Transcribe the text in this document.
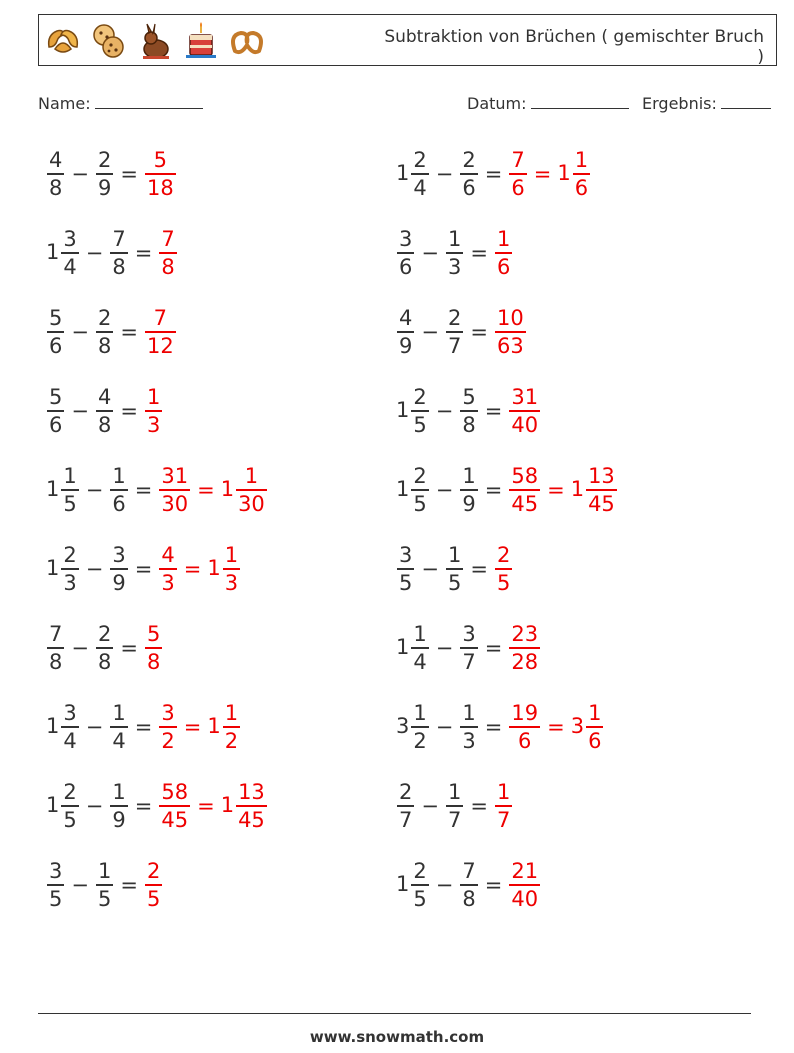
Subtraktion von Brüchen ( gemischter Bruch )
Name:	Datum:	Ergebnis:
$\frac{4}{8} - \frac{2}{9} = \frac{5}{18}$	$1 \frac{2}{4} - \frac{2}{6} = \frac{7}{6} = 1 \frac{1}{6}$
$1 \frac{3}{4} - \frac{7}{8} = \frac{7}{8}$	$\frac{3}{6} - \frac{1}{3} = \frac{1}{6}$
$\frac{5}{6} - \frac{2}{8} = \frac{7}{12}$	$\frac{4}{9} - \frac{2}{7} = \frac{10}{63}$
$\frac{5}{6} - \frac{4}{8} = \frac{1}{3}$	$1 \frac{2}{5} - \frac{5}{8} = \frac{31}{40}$
$1 \frac{1}{5} - \frac{1}{6} = \frac{31}{30} = 1 \frac{1}{30}$	$1 \frac{2}{5} - \frac{1}{9} = \frac{58}{45} = 1 \frac{13}{45}$
$1 \frac{2}{3} - \frac{3}{9} = \frac{4}{3} = 1 \frac{1}{3}$	$\frac{3}{5} - \frac{1}{5} = \frac{2}{5}$
$\frac{7}{8} - \frac{2}{8} = \frac{5}{8}$	$1 \frac{1}{4} - \frac{3}{7} = \frac{23}{28}$
$1 \frac{3}{4} - \frac{1}{4} = \frac{3}{2} = 1 \frac{1}{2}$	$3 \frac{1}{2} - \frac{1}{3} = \frac{19}{6} = 3 \frac{1}{6}$
$1 \frac{2}{5} - \frac{1}{9} = \frac{58}{45} = 1 \frac{13}{45}$	$\frac{2}{7} - \frac{1}{7} = \frac{1}{7}$
$\frac{3}{5} - \frac{1}{5} = \frac{2}{5}$	$1 \frac{2}{5} - \frac{7}{8} = \frac{21}{40}$
www.snowmath.com
